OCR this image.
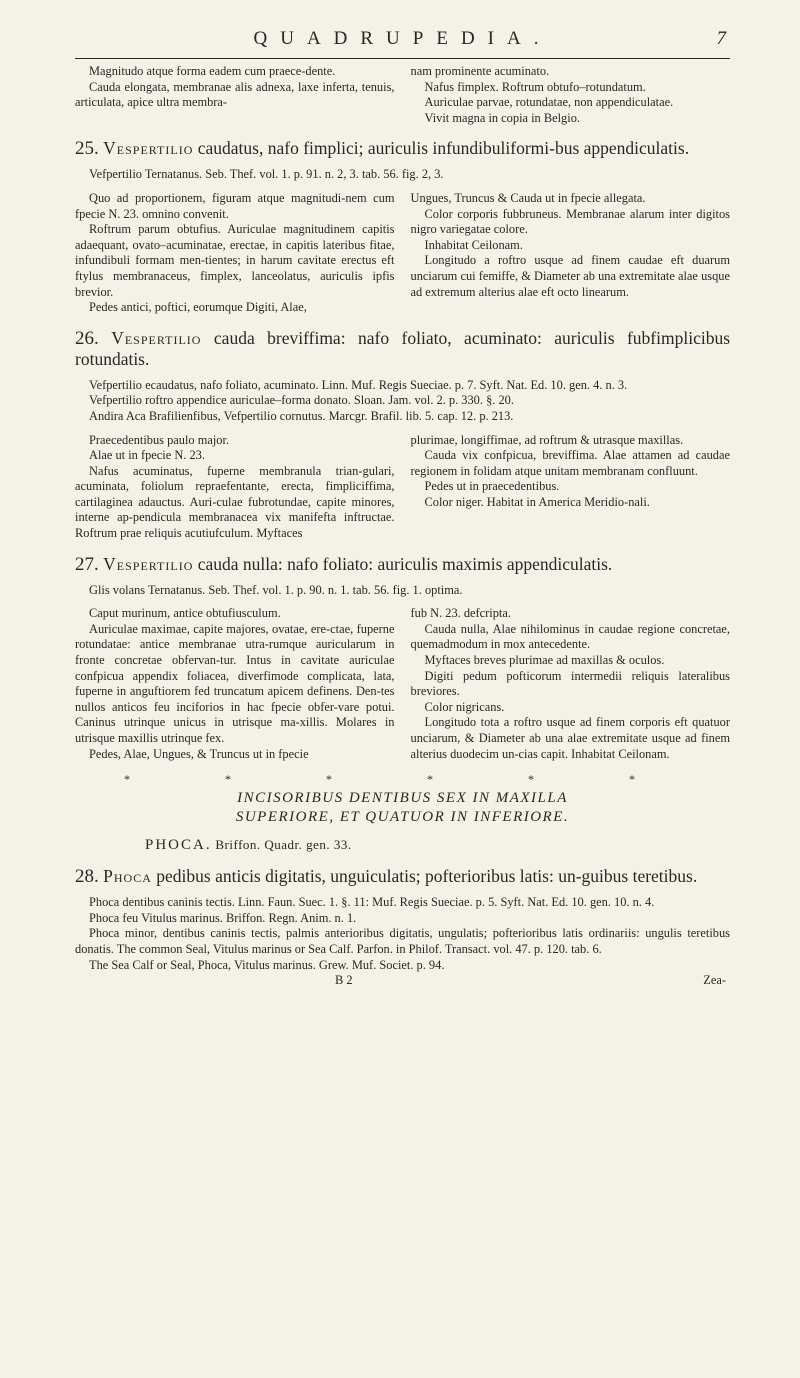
QUADRUPEDIA.	7

Magnitudo atque forma eadem cum praece-dente.

Cauda elongata, membranae alis adnexa, laxe inferta, tenuis, articulata, apice ultra membra-

nam prominente acuminato.

Nafus fimplex. Roftrum obtufo–rotundatum.

Auriculae parvae, rotundatae, non appendiculatae.

Vivit magna in copia in Belgio.

25. Vespertilio caudatus, nafo fimplici; auriculis infundibuliformi-bus appendiculatis.

Vefpertilio Ternatanus. Seb. Thef. vol. 1. p. 91. n. 2, 3. tab. 56. fig. 2, 3.

Quo ad proportionem, figuram atque magnitudi-nem cum fpecie N. 23. omnino convenit.

Roftrum parum obtufius. Auriculae magnitudinem capitis adaequant, ovato–acuminatae, erectae, in capitis lateribus fitae, infundibuli formam men-tientes; in harum cavitate erectus eft ftylus membranaceus, fimplex, lanceolatus, auriculis ipfis brevior.

Pedes antici, poftici, eorumque Digiti, Alae,

Ungues, Truncus & Cauda ut in fpecie allegata.

Color corporis fubbruneus. Membranae alarum inter digitos nigro variegatae colore.

Inhabitat Ceilonam.

Longitudo a roftro usque ad finem caudae eft duarum unciarum cui femiffe, & Diameter ab una extremitate alae usque ad extremum alterius alae eft octo linearum.

26. Vespertilio cauda breviffima: nafo foliato, acuminato: auriculis fubfimplicibus rotundatis.

Vefpertilio ecaudatus, nafo foliato, acuminato. Linn. Muf. Regis Sueciae. p. 7. Syft. Nat. Ed. 10. gen. 4. n. 3.

Vefpertilio roftro appendice auriculae–forma donato. Sloan. Jam. vol. 2. p. 330. §. 20.

Andira Aca Brafilienfibus, Vefpertilio cornutus. Marcgr. Brafil. lib. 5. cap. 12. p. 213.

Praecedentibus paulo major.

Alae ut in fpecie N. 23.

Nafus acuminatus, fuperne membranula trian-gulari, acuminata, foliolum repraefentante, erecta, fimpliciffima, cartilaginea adauctus. Auri-culae fubrotundae, capite minores, interne ap-pendicula membranacea vix manifefta inftructae. Roftrum prae reliquis acutiufculum. Myftaces

plurimae, longiffimae, ad roftrum & utrasque maxillas.

Cauda vix confpicua, breviffima. Alae attamen ad caudae regionem in folidam atque unitam membranam confluunt.

Pedes ut in praecedentibus.

Color niger. Habitat in America Meridio-nali.

27. Vespertilio cauda nulla: nafo foliato: auriculis maximis appendiculatis.

Glis volans Ternatanus. Seb. Thef. vol. 1. p. 90. n. 1. tab. 56. fig. 1. optima.

Caput murinum, antice obtufiusculum.

Auriculae maximae, capite majores, ovatae, ere-ctae, fuperne rotundatae: antice membranae utra-rumque auricularum in fronte concretae obfervan-tur. Intus in cavitate auriculae confpicua appendix foliacea, diverfimode complicata, lata, fuperne in anguftiorem fed truncatum apicem definens. Den-tes nullos anticos feu inciforios in hac fpecie obfer-vare potui. Caninus utrinque unicus in utrisque ma-xillis. Molares in utrisque maxillis utrinque fex.

Pedes, Alae, Ungues, & Truncus ut in fpecie

fub N. 23. defcripta.

Cauda nulla, Alae nihilominus in caudae regione concretae, quemadmodum in mox antecedente.

Myftaces breves plurimae ad maxillas & oculos.

Digiti pedum pofticorum intermedii reliquis lateralibus breviores.

Color nigricans.

Longitudo tota a roftro usque ad finem corporis eft quatuor unciarum, & Diameter ab una alae extremitate usque ad finem alterius duodecim un-cias capit. Inhabitat Ceilonam.

* * * * * *

INCISORIBUS DENTIBUS SEX IN MAXILLA

SUPERIORE, ET QUATUOR IN INFERIORE.

PHOCA. Briffon. Quadr. gen. 33.

28. Phoca pedibus anticis digitatis, unguiculatis; pofterioribus latis: un-guibus teretibus.

Phoca dentibus caninis tectis. Linn. Faun. Suec. 1. §. 11: Muf. Regis Sueciae. p. 5. Syft. Nat. Ed. 10. gen. 10. n. 4.

Phoca feu Vitulus marinus. Briffon. Regn. Anim. n. 1.

Phoca minor, dentibus caninis tectis, palmis anterioribus digitatis, ungulatis; pofterioribus latis ordinariis: ungulis teretibus donatis. The common Seal, Vitulus marinus or Sea Calf. Parfon. in Philof. Transact. vol. 47. p. 120. tab. 6.

The Sea Calf or Seal, Phoca, Vitulus marinus. Grew. Muf. Societ. p. 94.

B 2	Zea-
